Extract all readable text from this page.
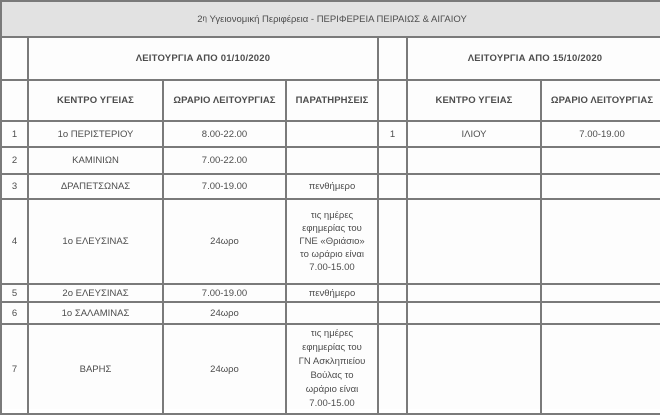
$2^\eta$ Υγειονομική Περιφέρεια - ΠΕΡΙΦΕΡΕΙΑ ΠΕΙΡΑΙΩΣ & ΑΙΓΑΙΟΥ						
	ΛΕΙΤΟΥΡΓΙΑ ΑΠΟ 01/10/2020				ΛΕΙΤΟΥΡΓΙΑ ΑΠΟ 15/10/2020	
	ΚΕΝΤΡΟ ΥΓΕΙΑΣ	ΩΡΑΡΙΟ ΛΕΙΤΟΥΡΓΙΑΣ	ΠΑΡΑΤΗΡΗΣΕΙΣ		ΚΕΝΤΡΟ ΥΓΕΙΑΣ	ΩΡΑΡΙΟ ΛΕΙΤΟΥΡΓΙΑΣ
1	1ο ΠΕΡΙΣΤΕΡΙΟΥ	8.00-22.00		1	ΙΛΙΟΥ	7.00-19.00
2	ΚΑΜΙΝΙΩΝ	7.00-22.00				
3	ΔΡΑΠΕΤΣΩΝΑΣ	7.00-19.00	πενθήμερο			
4	1ο ΕΛΕΥΣΙΝΑΣ	24ωρο	τις ημέρες
εφημερίας του
ΓΝΕ «Θριάσιο»
το ωράριο είναι
7.00-15.00			

5	2ο ΕΛΕΥΣΙΝΑΣ	7.00-19.00	πενθήμερο			
6	1ο ΣΑΛΑΜΙΝΑΣ	24ωρο				
7	ΒΑΡΗΣ	24ωρο	
τις ημέρες
εφημερίας του
ΓΝ Ασκληπιείου
Βούλας το
ωράριο είναι
7.00-15.00
